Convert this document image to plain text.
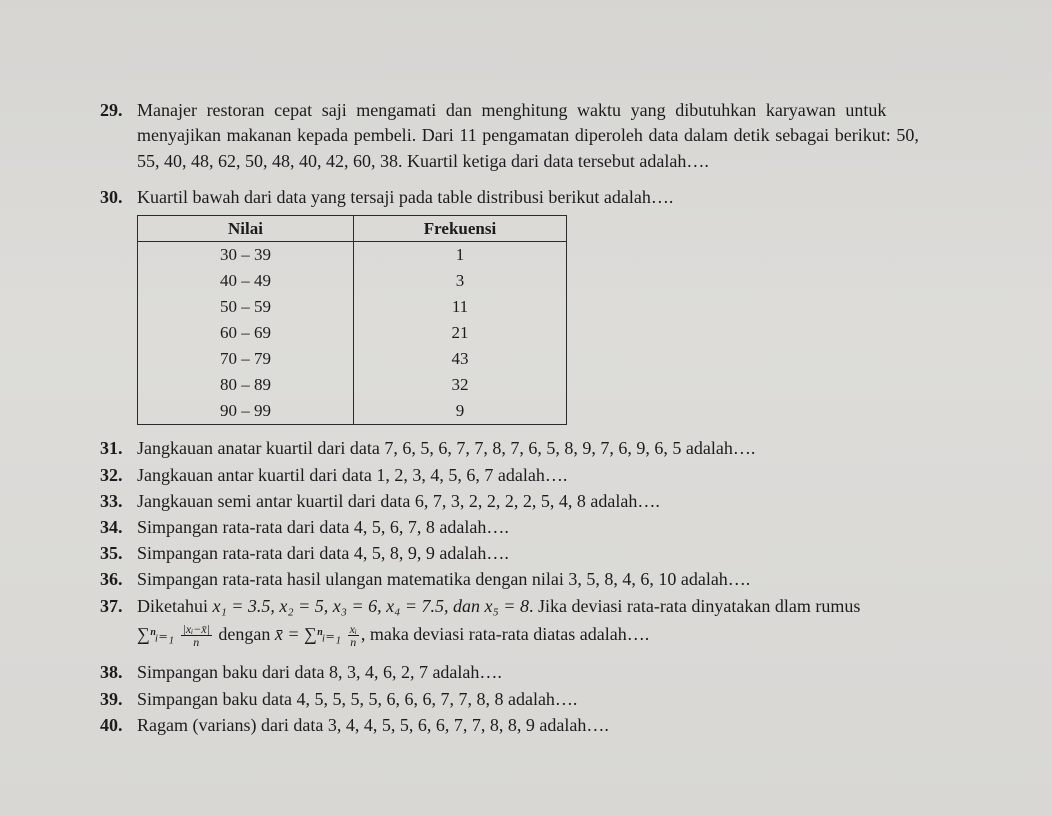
29. Manajer restoran cepat saji mengamati dan menghitung waktu yang dibutuhkan karyawan untuk
menyajikan makanan kepada pembeli. Dari 11 pengamatan diperoleh data dalam detik sebagai berikut: 50,
55, 40, 48, 62, 50, 48, 40, 42, 60, 38. Kuartil ketiga dari data tersebut adalah….
30. Kuartil bawah dari data yang tersaji pada table distribusi berikut adalah….
Nilai	Frekuensi
30 – 39	1
40 – 49	3
50 – 59	11
60 – 69	21
70 – 79	43
80 – 89	32
90 – 99	9
31. Jangkauan anatar kuartil dari data 7, 6, 5, 6, 7, 7, 8, 7, 6, 5, 8, 9, 7, 6, 9, 6, 5 adalah….
32. Jangkauan antar kuartil dari data 1, 2, 3, 4, 5, 6, 7 adalah….
33. Jangkauan semi antar kuartil dari data 6, 7, 3, 2, 2, 2, 2, 5, 4, 8 adalah….
34. Simpangan rata-rata dari data 4, 5, 6, 7, 8 adalah….
35. Simpangan rata-rata dari data 4, 5, 8, 9, 9 adalah….
36. Simpangan rata-rata hasil ulangan matematika dengan nilai 3, 5, 8, 4, 6, 10 adalah….
37. Diketahui x₁ = 3.5, x₂ = 5, x₃ = 6, x₄ = 7.5, dan x₅ = 8. Jika deviasi rata-rata dinyatakan dlam rumus
∑ⁿᵢ₌₁ $\frac{\text{|xᵢ−x̄|}}{n}$ dengan x̄ = ∑ⁿᵢ₌₁ $\frac{\text{xᵢ}}{n}$ , maka deviasi rata-rata diatas adalah….
38. Simpangan baku dari data 8, 3, 4, 6, 2, 7 adalah….
39. Simpangan baku data 4, 5, 5, 5, 5, 6, 6, 6, 7, 7, 8, 8 adalah….
40. Ragam (varians) dari data 3, 4, 4, 5, 5, 6, 6, 7, 7, 8, 8, 9 adalah….
